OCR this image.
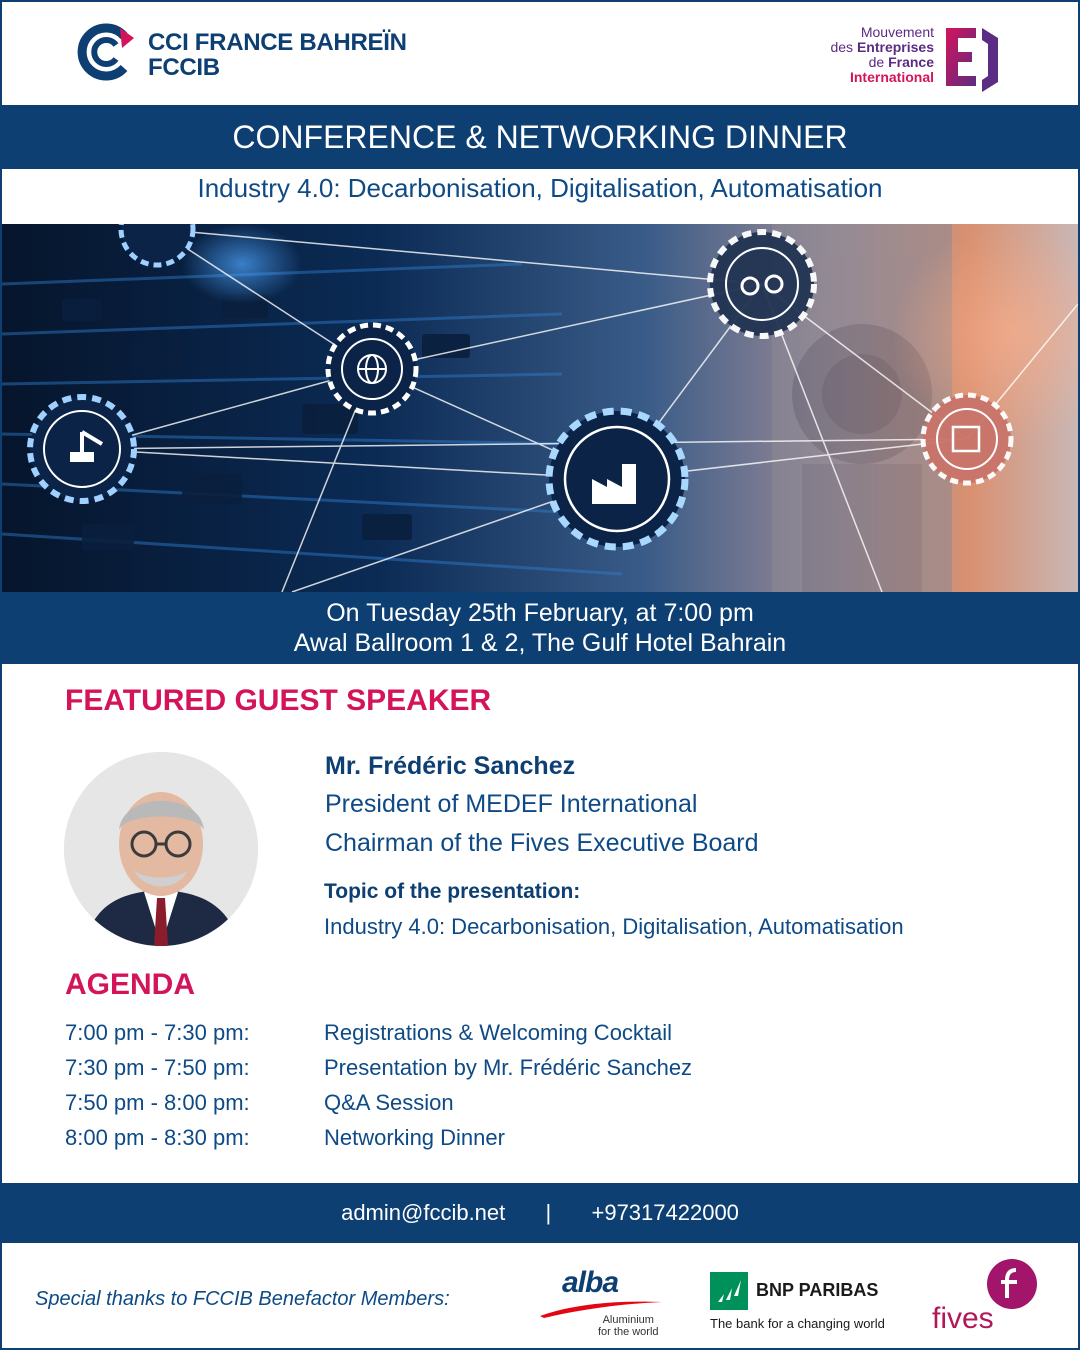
CCI FRANCE BAHREÏN
FCCIB
Mouvement
des Entreprises
de France
International
CONFERENCE & NETWORKING DINNER
Industry 4.0: Decarbonisation, Digitalisation, Automatisation
On Tuesday 25th February, at 7:00 pm
Awal Ballroom 1 & 2, The Gulf Hotel Bahrain
FEATURED GUEST SPEAKER
Mr. Frédéric Sanchez
President of MEDEF International
Chairman of the Fives Executive Board
Topic of the presentation:
Industry 4.0: Decarbonisation, Digitalisation, Automatisation
AGENDA
7:00 pm - 7:30 pm:	Registrations & Welcoming Cocktail
7:30 pm - 7:50 pm:	Presentation by Mr. Frédéric Sanchez
7:50 pm - 8:00 pm:	Q&A Session
8:00 pm - 8:30 pm:	Networking Dinner
admin@fccib.net | +97317422000
Special thanks to FCCIB Benefactor Members:	alba
Aluminium
for the world
BNP PARIBAS
The bank for a changing world fives
